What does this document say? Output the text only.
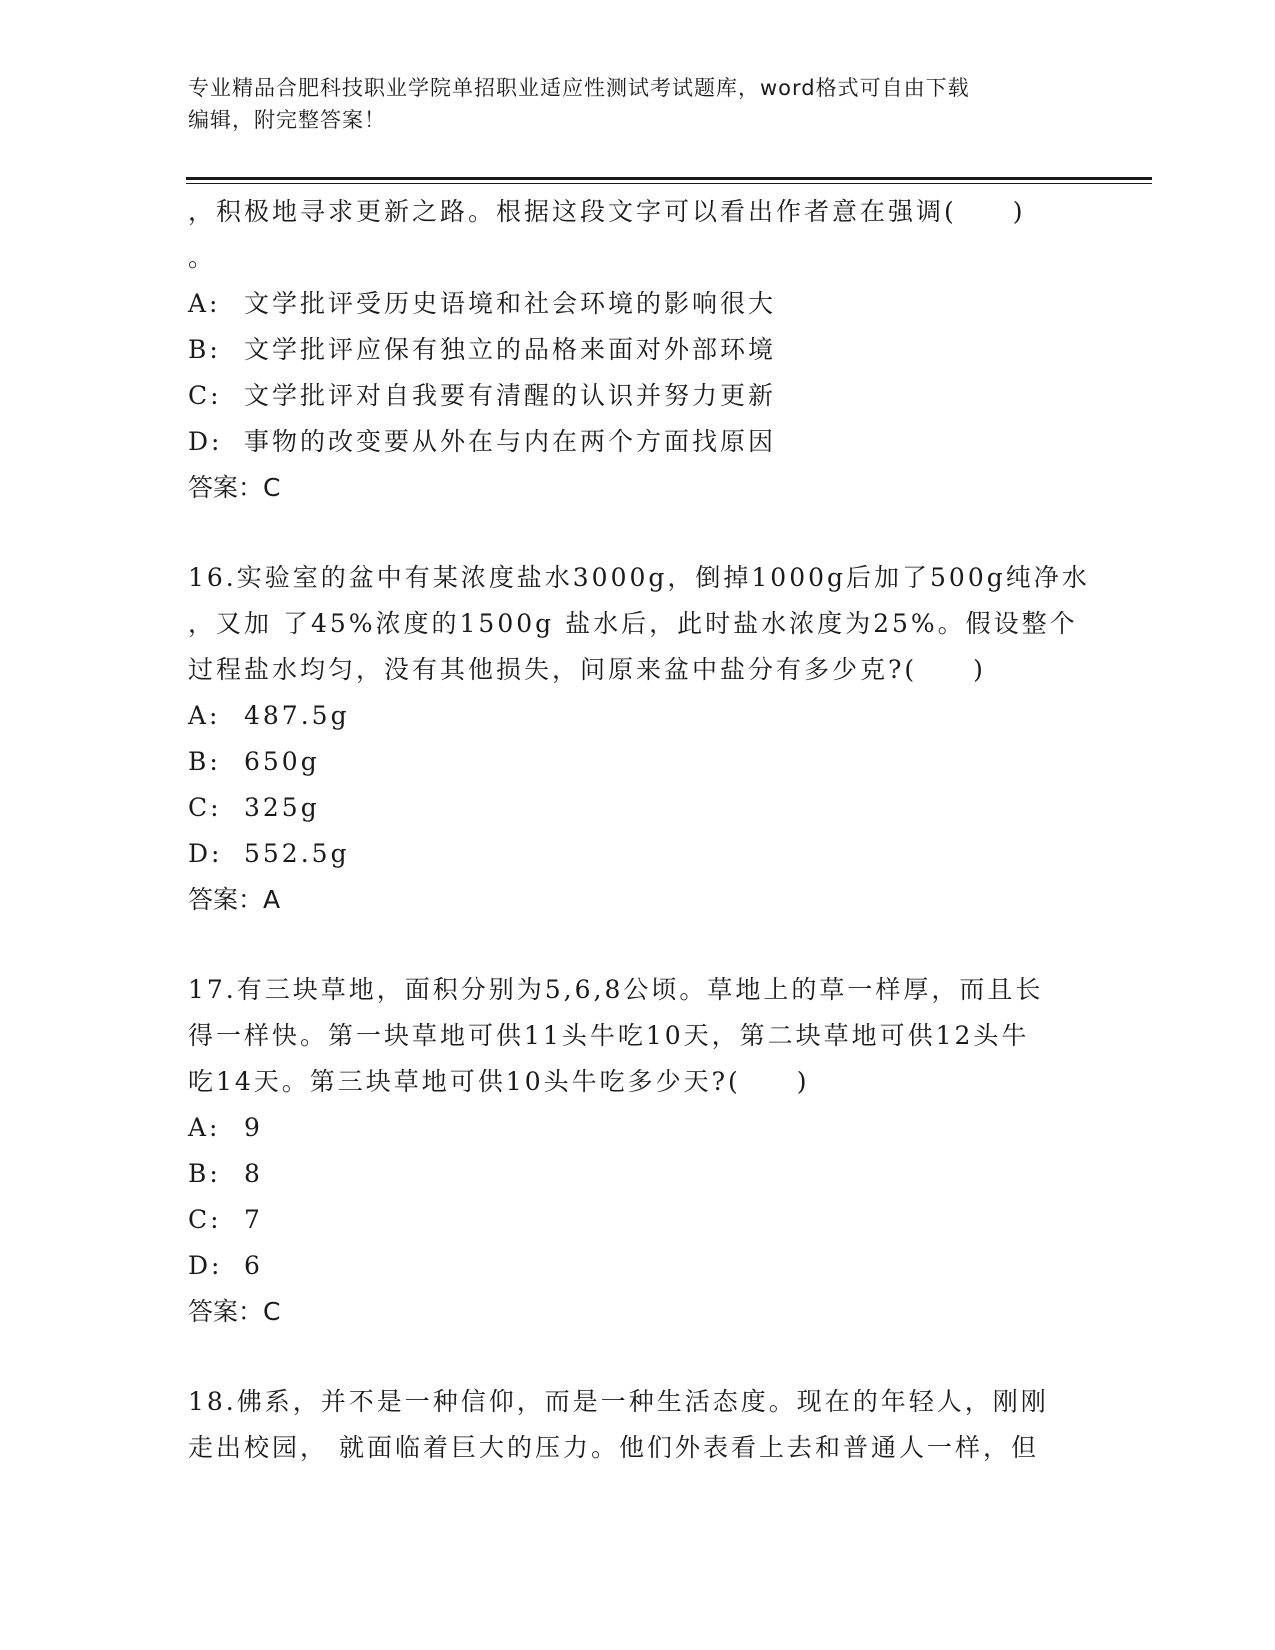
专业精品合肥科技职业学院单招职业适应性测试考试题库，word格式可自由下载
编辑，附完整答案！
，积极地寻求更新之路。根据这段文字可以看出作者意在强调(　　)
。
A: 文学批评受历史语境和社会环境的影响很大
B: 文学批评应保有独立的品格来面对外部环境
C: 文学批评对自我要有清醒的认识并努力更新
D: 事物的改变要从外在与内在两个方面找原因
答案：C
16.实验室的盆中有某浓度盐水3000g，倒掉1000g后加了500g纯净水
，又加 了45%浓度的1500g 盐水后，此时盐水浓度为25%。假设整个
过程盐水均匀，没有其他损失，问原来盆中盐分有多少克?(　　)
A: 487.5g
B: 650g
C: 325g
D: 552.5g
答案：A
17.有三块草地，面积分别为5,6,8公顷。草地上的草一样厚，而且长
得一样快。第一块草地可供11头牛吃10天，第二块草地可供12头牛
吃14天。第三块草地可供10头牛吃多少天?(　　)
A: 9
B: 8
C: 7
D: 6
答案：C
18.佛系，并不是一种信仰，而是一种生活态度。现在的年轻人，刚刚
走出校园， 就面临着巨大的压力。他们外表看上去和普通人一样，但
